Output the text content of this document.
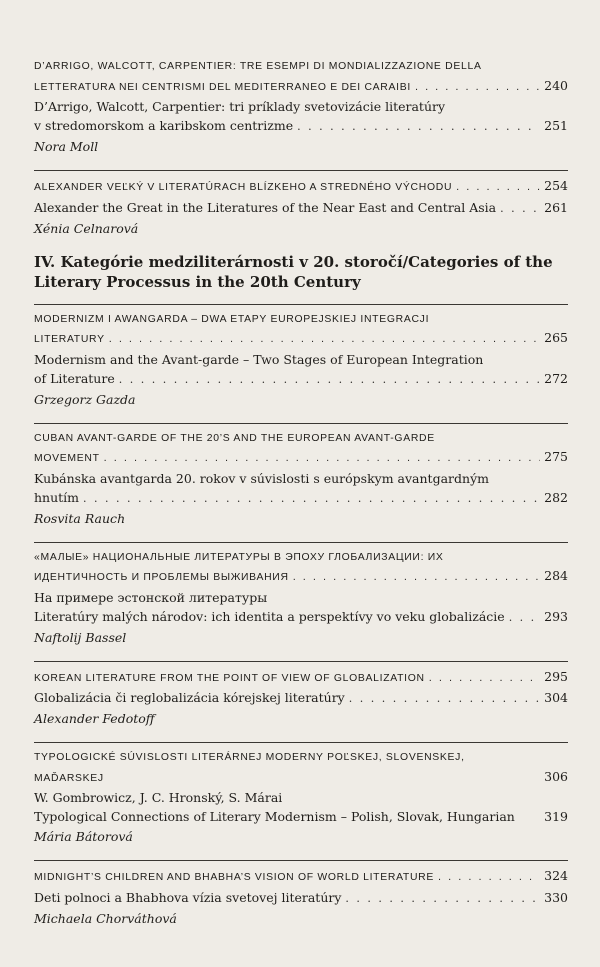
D’ARRIGO, WALCOTT, CARPENTIER: TRE ESEMPI DI MONDIALIZZAZIONE DELLA
LETTERATURA NEI CENTRISMI DEL MEDITERRANEO E DEI CARAIBI . . .	240
D’Arrigo, Walcott, Carpentier: tri príklady svetovizácie literatúry
v stredomorskom a karibskom centrizme . . .	251
Nora Moll
ALEXANDER VEĽKÝ V LITERATÚRACH BLÍZKEHO A STREDNÉHO VÝCHODU . . .	254
Alexander the Great in the Literatures of the Near East and Central Asia . . .	261
Xénia Celnarová
IV. Kategórie medziliterárnosti v 20. storočí/Categories of the
Literary Processus in the 20th Century
MODERNIZM I AWANGARDA – DWA ETAPY EUROPEJSKIEJ INTEGRACJI
LITERATURY . . .	265
Modernism and the Avant-garde – Two Stages of European Integration
of Literature . . .	272
Grzegorz Gazda
CUBAN AVANT-GARDE OF THE 20’S AND THE EUROPEAN AVANT-GARDE
MOVEMENT . . .	275
Kubánska avantgarda 20. rokov v súvislosti s európskym avantgardným
hnutím . . .	282
Rosvita Rauch
«МАЛЫЕ» НАЦИОНАЛЬНЫЕ ЛИТЕРАТУРЫ В ЭПОХУ ГЛОБАЛИЗАЦИИ: ИХ
ИДЕНТИЧНОСТЬ И ПРОБЛЕМЫ ВЫЖИВАНИЯ . . .	284
На примере эстонской литературы
Literatúry malých národov: ich identita a perspektívy vo veku globalizácie . . .	293
Naftolij Bassel
KOREAN LITERATURE FROM THE POINT OF VIEW OF GLOBALIZATION . . .	295
Globalizácia či reglobalizácia kórejskej literatúry . . .	304
Alexander Fedotoff
TYPOLOGICKÉ SÚVISLOSTI LITERÁRNEJ MODERNY POĽSKEJ, SLOVENSKEJ,
MAĎARSKEJ	306
W. Gombrowicz, J. C. Hronský, S. Márai
Typological Connections of Literary Modernism – Polish, Slovak, Hungarian 319
Mária Bátorová
MIDNIGHT’S CHILDREN AND BHABHA’S VISION OF WORLD LITERATURE . . .	324
Deti polnoci a Bhabhova vízia svetovej literatúry . . .	330
Michaela Chorváthová
